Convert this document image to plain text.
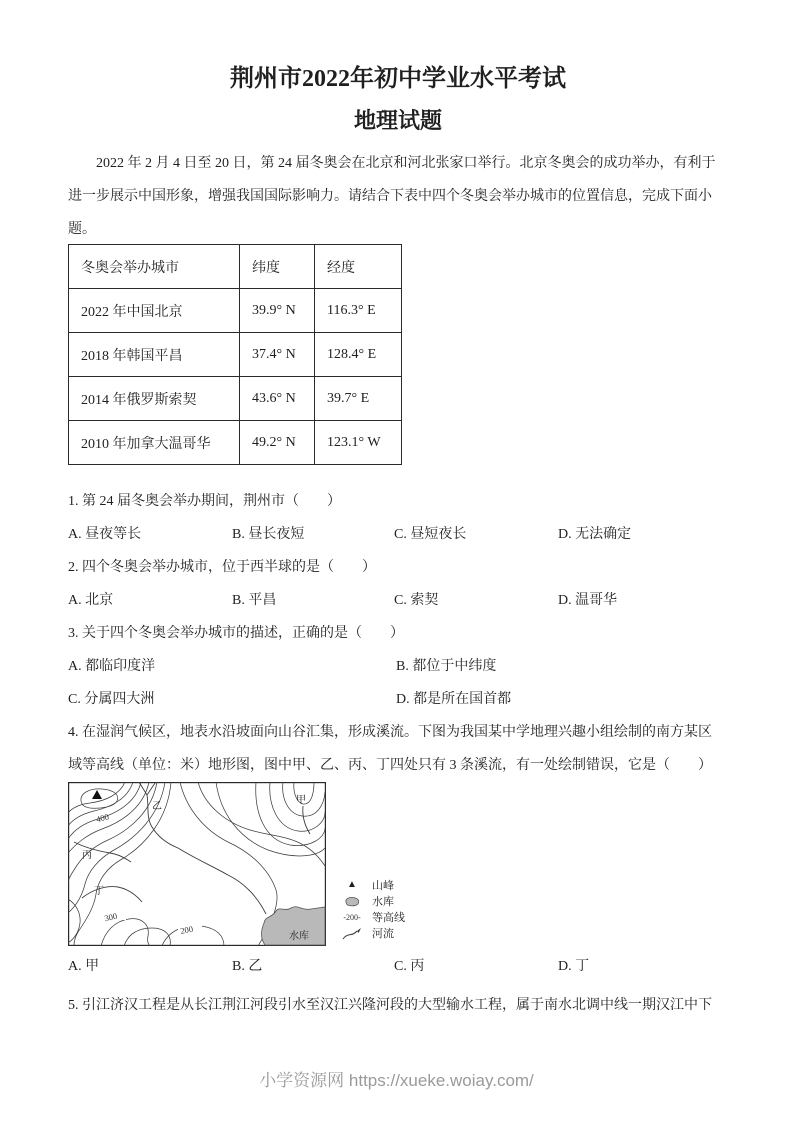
荆州市2022年初中学业水平考试
地理试题
2022 年 2 月 4 日至 20 日，第 24 届冬奥会在北京和河北张家口举行。北京冬奥会的成功举办，有利于
进一步展示中国形象，增强我国国际影响力。请结合下表中四个冬奥会举办城市的位置信息，完成下面小
题。
冬奥会举办城市	纬度	经度
2022 年中国北京	39.9° N	116.3° E
2018 年韩国平昌	37.4° N	128.4° E
2014 年俄罗斯索契	43.6° N	39.7° E
2010 年加拿大温哥华	49.2° N	123.1° W
1. 第 24 届冬奥会举办期间，荆州市（　　）
A. 昼夜等长	B. 昼长夜短	C. 昼短夜长	D. 无法确定
2. 四个冬奥会举办城市，位于西半球的是（　　）
A. 北京	B. 平昌	C. 索契	D. 温哥华
3. 关于四个冬奥会举办城市的描述，正确的是（　　）
A. 都临印度洋	B. 都位于中纬度
C. 分属四大洲	D. 都是所在国首都
4. 在湿润气候区，地表水沿坡面向山谷汇集，形成溪流。下图为我国某中学地理兴趣小组绘制的南方某区
域等高线（单位：米）地形图，图中甲、乙、丙、丁四处只有 3 条溪流，有一处绘制错误，它是（　　）
水库
400
300
200
甲
乙
丙
丁
▲	山峰
水库
-200-	等高线
河流
A. 甲	B. 乙	C. 丙	D. 丁
5. 引江济汉工程是从长江荆江河段引水至汉江兴隆河段的大型输水工程，属于南水北调中线一期汉江中下
小学资源网 https://xueke.woiay.com/
